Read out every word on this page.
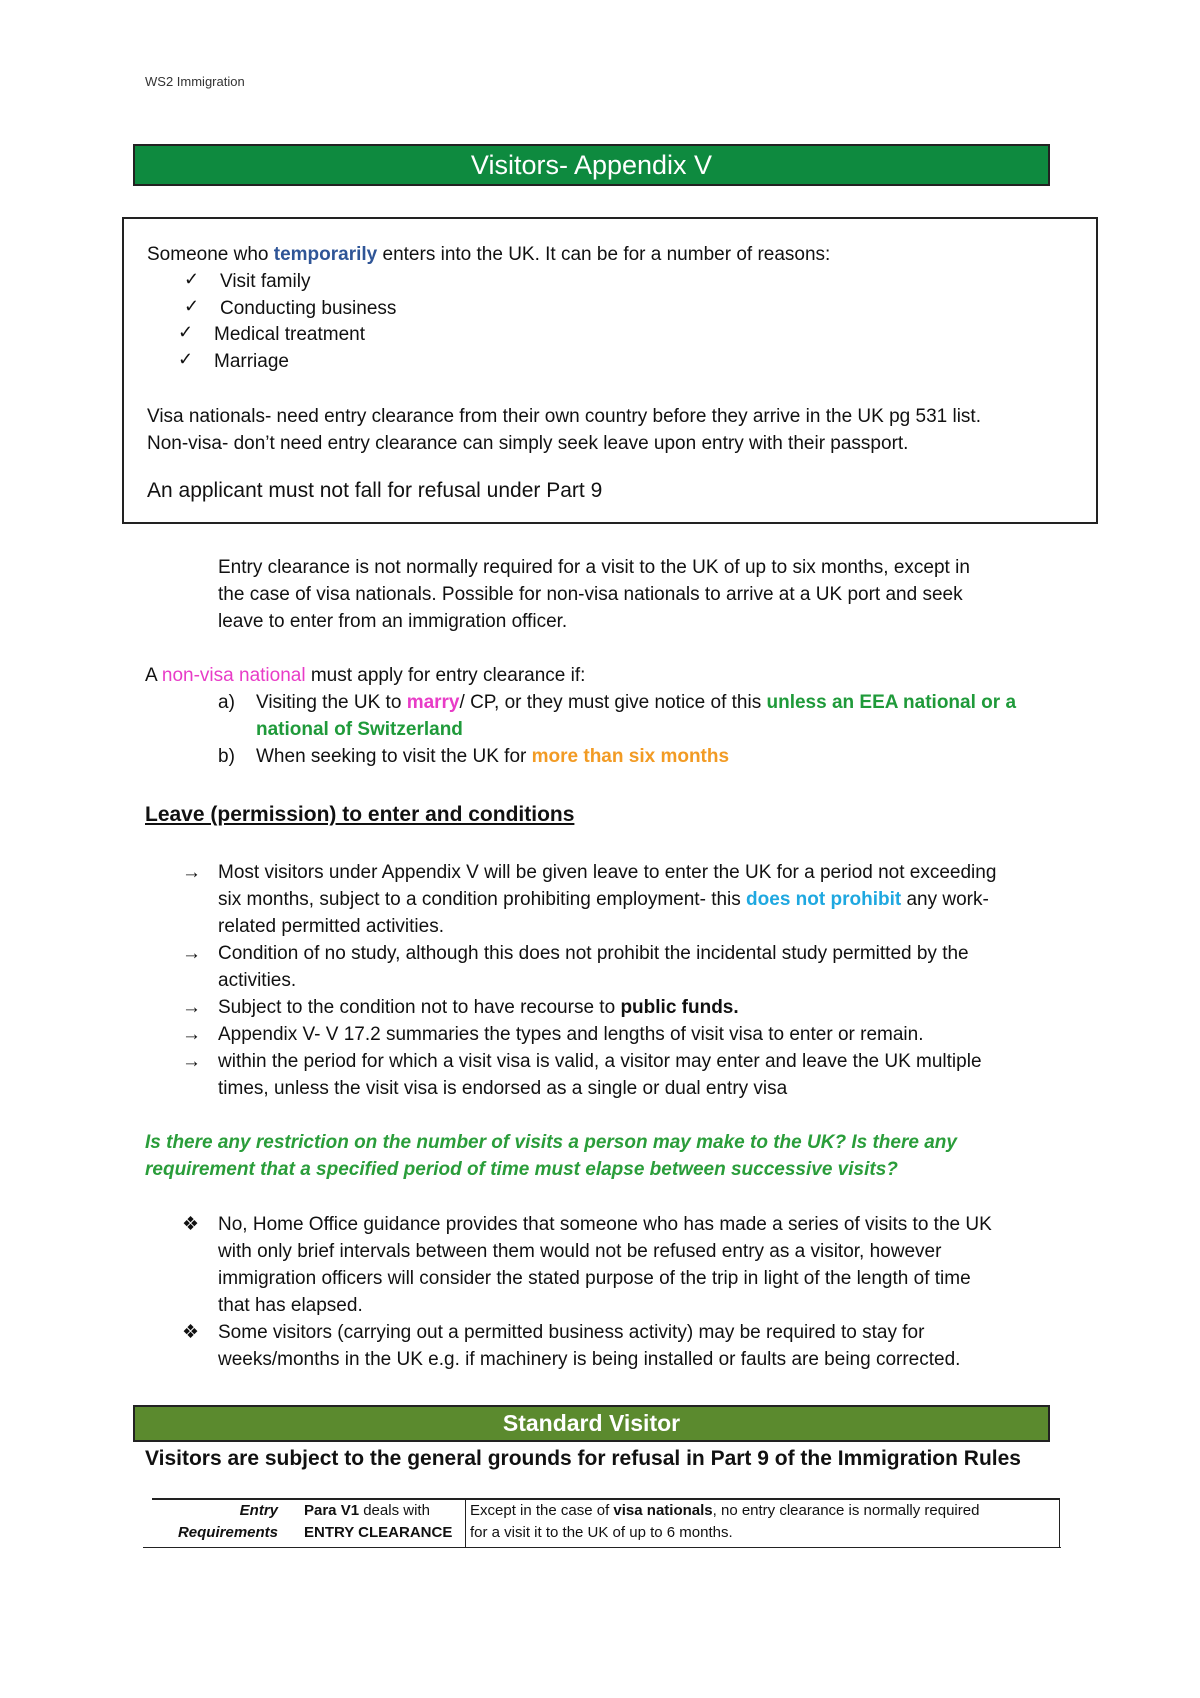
WS2 Immigration
Visitors- Appendix V
Someone who temporarily enters into the UK. It can be for a number of reasons:
✓ Visit family
✓ Conducting business
✓ Medical treatment
✓ Marriage
Visa nationals- need entry clearance from their own country before they arrive in the UK pg 531 list.
Non-visa- don’t need entry clearance can simply seek leave upon entry with their passport.
An applicant must not fall for refusal under Part 9
Entry clearance is not normally required for a visit to the UK of up to six months, except in
the case of visa nationals. Possible for non-visa nationals to arrive at a UK port and seek
leave to enter from an immigration officer.
A non-visa national must apply for entry clearance if:
a) Visiting the UK to marry/ CP, or they must give notice of this unless an EEA national or a
national of Switzerland
b) When seeking to visit the UK for more than six months
Leave (permission) to enter and conditions
→ Most visitors under Appendix V will be given leave to enter the UK for a period not exceeding
six months, subject to a condition prohibiting employment- this does not prohibit any work-
related permitted activities.
→ Condition of no study, although this does not prohibit the incidental study permitted by the
activities.
→ Subject to the condition not to have recourse to public funds.
→ Appendix V- V 17.2 summaries the types and lengths of visit visa to enter or remain.
→ within the period for which a visit visa is valid, a visitor may enter and leave the UK multiple
times, unless the visit visa is endorsed as a single or dual entry visa
Is there any restriction on the number of visits a person may make to the UK? Is there any
requirement that a specified period of time must elapse between successive visits?
❖ No, Home Office guidance provides that someone who has made a series of visits to the UK
with only brief intervals between them would not be refused entry as a visitor, however
immigration officers will consider the stated purpose of the trip in light of the length of time
that has elapsed.
❖ Some visitors (carrying out a permitted business activity) may be required to stay for
weeks/months in the UK e.g. if machinery is being installed or faults are being corrected.
Standard Visitor
Visitors are subject to the general grounds for refusal in Part 9 of the Immigration Rules
Entry
Requirements
Para V1 deals with
ENTRY CLEARANCE
Except in the case of visa nationals, no entry clearance is normally required
for a visit it to the UK of up to 6 months.
